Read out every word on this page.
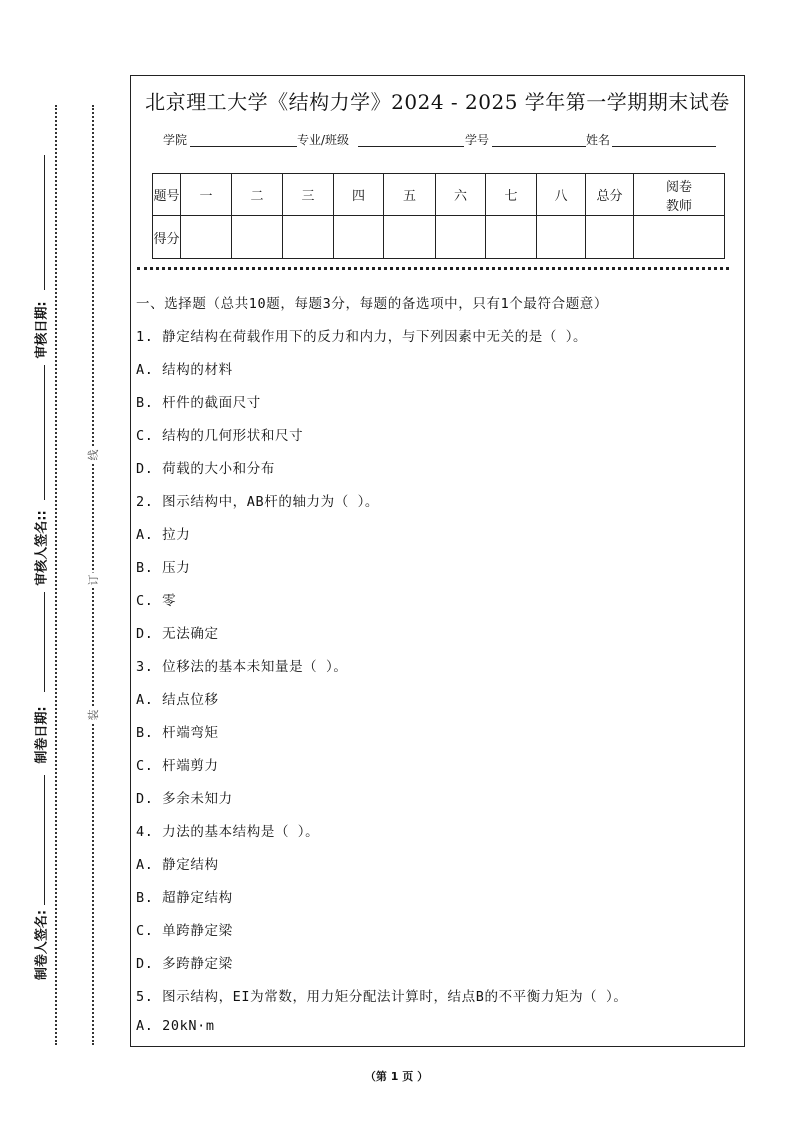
审核日期:
审核人签名::
制卷日期:
制卷人签名:
线
订
装
北京理工大学《结构力学》2024 - 2025 学年第一学期期末试卷
学院	专业/班级	学号	姓名
题号	一	二	三	四	五	六	七	八	总分	阅卷教师
得分										
一、选择题（总共10题，每题3分，每题的备选项中，只有1个最符合题意）
1. 静定结构在荷载作用下的反力和内力，与下列因素中无关的是（ ）。
A. 结构的材料
B. 杆件的截面尺寸
C. 结构的几何形状和尺寸
D. 荷载的大小和分布
2. 图示结构中，AB杆的轴力为（ ）。
A. 拉力
B. 压力
C. 零
D. 无法确定
3. 位移法的基本未知量是（ ）。
A. 结点位移
B. 杆端弯矩
C. 杆端剪力
D. 多余未知力
4. 力法的基本结构是（ ）。
A. 静定结构
B. 超静定结构
C. 单跨静定梁
D. 多跨静定梁
5. 图示结构，EI为常数，用力矩分配法计算时，结点B的不平衡力矩为（ ）。
A. 20kN·m
（第 1 页 ）
